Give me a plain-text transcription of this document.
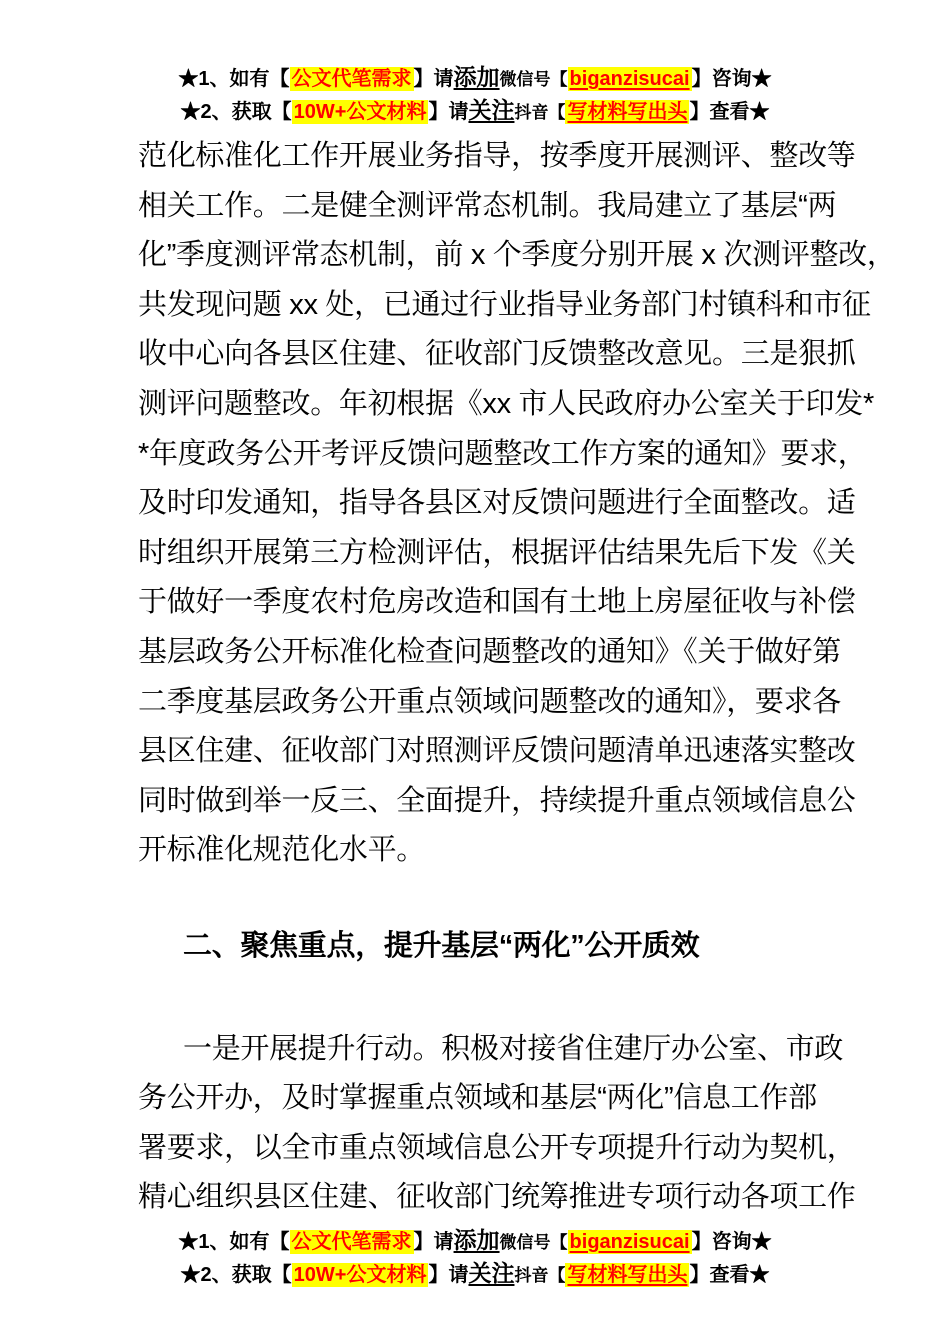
★1、如有【 公文代笔需求 】请添加微信号【 biganzisucai 】咨询★
★2、获取【 10W+公文材料 】请关注抖音【 写材料写出头 】查看★
范化标准化工作开展业务指导，按季度开展测评、整改等
相关工作。二是健全测评常态机制。我局建立了基层“两
化”季度测评常态机制，前 x 个季度分别开展 x 次测评整改，
共发现问题 xx 处，已通过行业指导业务部门村镇科和市征
收中心向各县区住建、征收部门反馈整改意见。三是狠抓
测评问题整改。年初根据《xx 市人民政府办公室关于印发*
*年度政务公开考评反馈问题整改工作方案的通知》要求，
及时印发通知，指导各县区对反馈问题进行全面整改。适
时组织开展第三方检测评估，根据评估结果先后下发《关
于做好一季度农村危房改造和国有土地上房屋征收与补偿
基层政务公开标准化检查问题整改的通知》《关于做好第
二季度基层政务公开重点领域问题整改的通知》，要求各
县区住建、征收部门对照测评反馈问题清单迅速落实整改
同时做到举一反三、全面提升，持续提升重点领域信息公
开标准化规范化水平。
二、聚焦重点，提升基层“两化”公开质效
一是开展提升行动。积极对接省住建厅办公室、市政
务公开办，及时掌握重点领域和基层“两化”信息工作部
署要求，以全市重点领域信息公开专项提升行动为契机，
精心组织县区住建、征收部门统筹推进专项行动各项工作
★1、如有【 公文代笔需求 】请添加微信号【 biganzisucai 】咨询★
★2、获取【 10W+公文材料 】请关注抖音【 写材料写出头 】查看★
